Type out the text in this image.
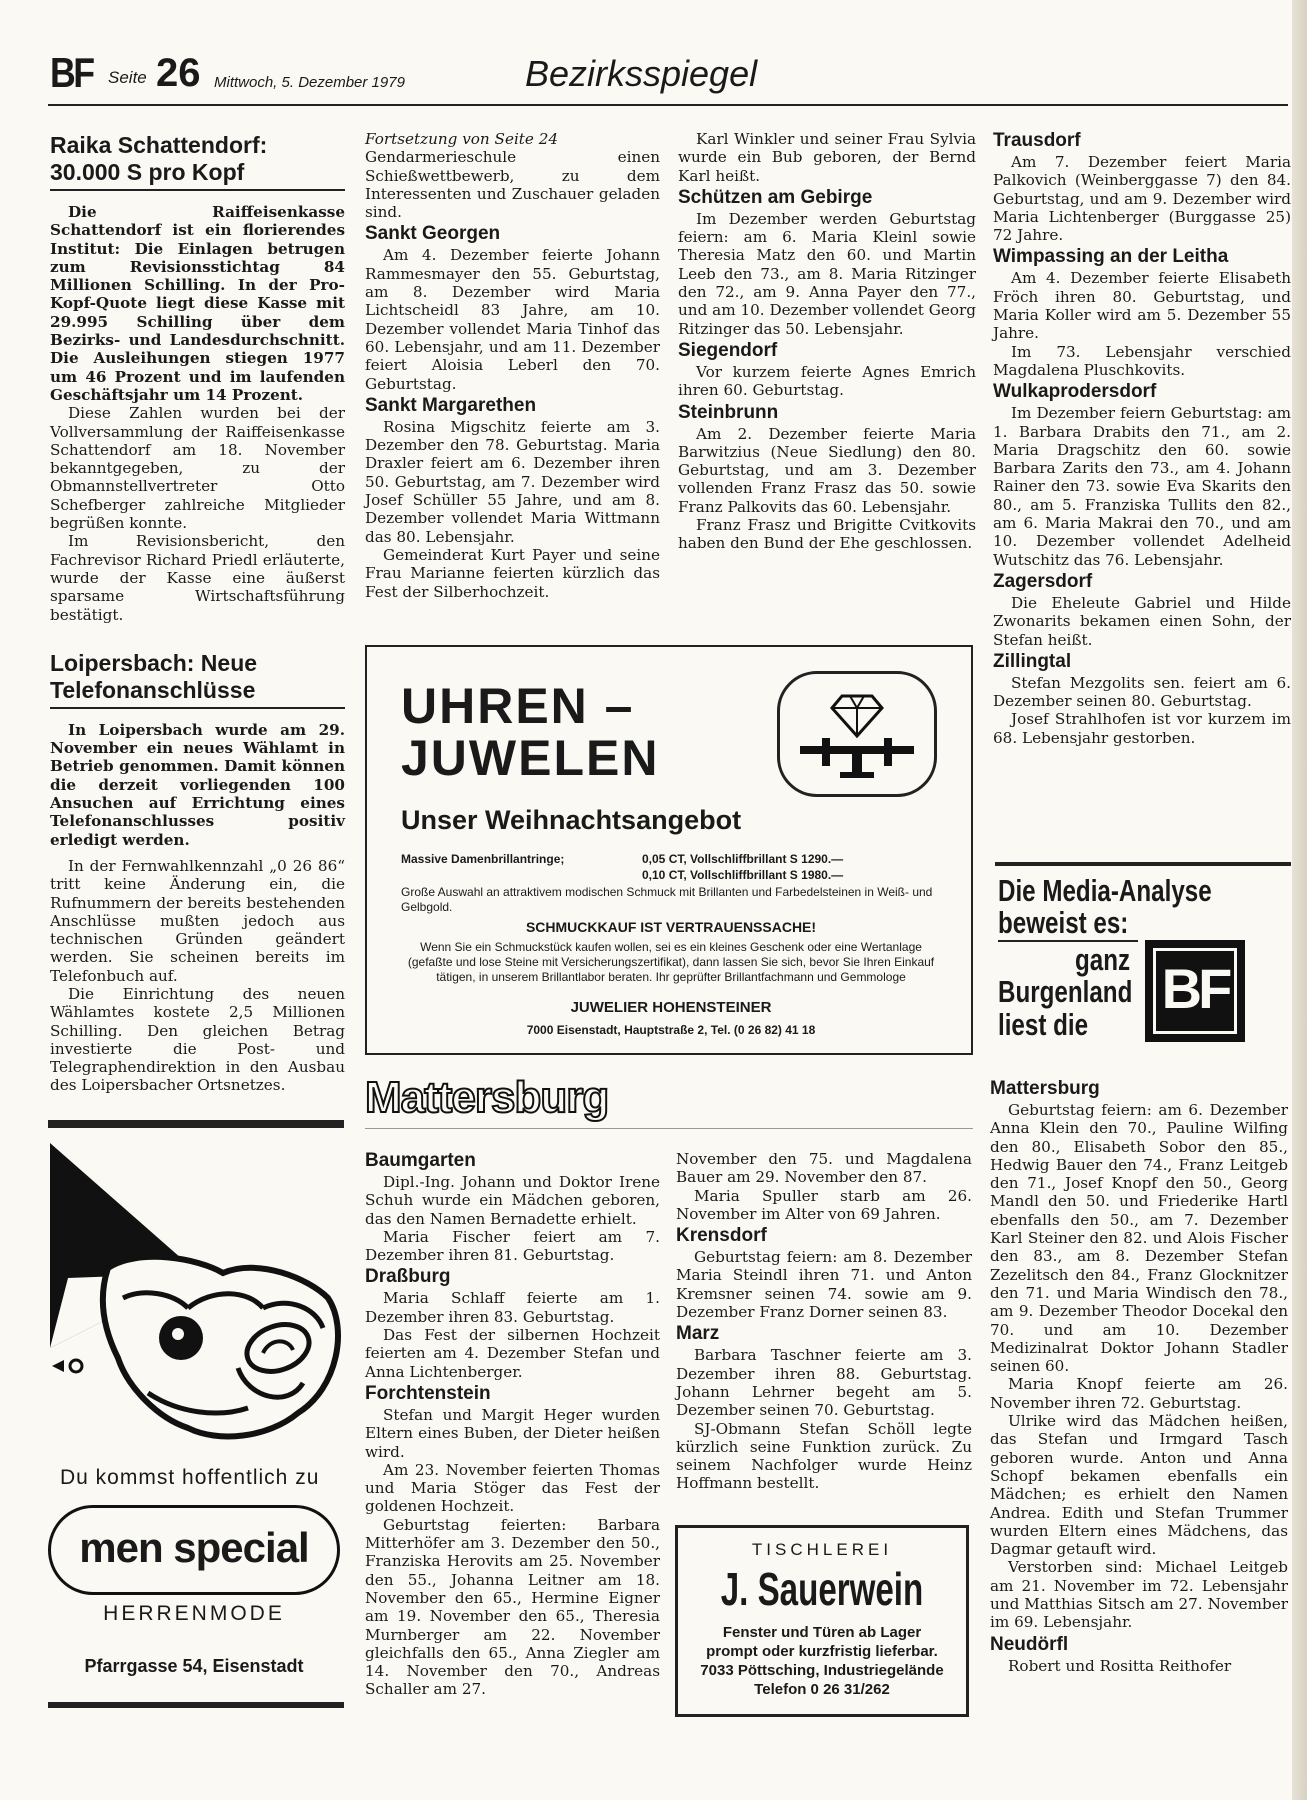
BF Seite 26 Mittwoch, 5. Dezember 1979	Bezirksspiegel
Raika Schattendorf:
30.000 S pro Kopf

Die Raiffeisenkasse Schattendorf ist ein florierendes Institut: Die Einlagen betrugen zum Revisionsstichtag 84 Millionen Schilling. In der Pro-Kopf-Quote liegt diese Kasse mit 29.995 Schilling über dem Bezirks- und Landesdurchschnitt. Die Ausleihungen stiegen 1977 um 46 Prozent und im laufenden Geschäftsjahr um 14 Prozent.

Diese Zahlen wurden bei der Vollversammlung der Raiffeisenkasse Schattendorf am 18. November bekanntgegeben, zu der Obmannstellvertreter Otto Schefberger zahlreiche Mitglieder begrüßen konnte.

Im Revisionsbericht, den Fachrevisor Richard Priedl erläuterte, wurde der Kasse eine äußerst sparsame Wirtschaftsführung bestätigt.

Loipersbach: Neue
Telefonanschlüsse

In Loipersbach wurde am 29. November ein neues Wählamt in Betrieb genommen. Damit können die derzeit vorliegenden 100 Ansuchen auf Errichtung eines Telefonanschlusses positiv erledigt werden.

In der Fernwahlkennzahl „0 26 86“ tritt keine Änderung ein, die Rufnummern der bereits bestehenden Anschlüsse mußten jedoch aus technischen Gründen geändert werden. Sie scheinen bereits im Telefonbuch auf.

Die Einrichtung des neuen Wählamtes kostete 2,5 Millionen Schilling. Den gleichen Betrag investierte die Post- und Telegraphendirektion in den Ausbau des Loipersbacher Ortsnetzes.

Fortsetzung von Seite 24

Gendarmerieschule einen Schießwettbewerb, zu dem Interessenten und Zuschauer geladen sind.

Sankt Georgen

Am 4. Dezember feierte Johann Rammesmayer den 55. Geburtstag, am 8. Dezember wird Maria Lichtscheidl 83 Jahre, am 10. Dezember vollendet Maria Tinhof das 60. Lebensjahr, und am 11. Dezember feiert Aloisia Leberl den 70. Geburtstag.

Sankt Margarethen

Rosina Migschitz feierte am 3. Dezember den 78. Geburtstag. Maria Draxler feiert am 6. Dezember ihren 50. Geburtstag, am 7. Dezember wird Josef Schüller 55 Jahre, und am 8. Dezember vollendet Maria Wittmann das 80. Lebensjahr.

Gemeinderat Kurt Payer und seine Frau Marianne feierten kürzlich das Fest der Silberhochzeit.

Karl Winkler und seiner Frau Sylvia wurde ein Bub geboren, der Bernd Karl heißt.

Schützen am Gebirge

Im Dezember werden Geburtstag feiern: am 6. Maria Kleinl sowie Theresia Matz den 60. und Martin Leeb den 73., am 8. Maria Ritzinger den 72., am 9. Anna Payer den 77., und am 10. Dezember vollendet Georg Ritzinger das 50. Lebensjahr.

Siegendorf

Vor kurzem feierte Agnes Emrich ihren 60. Geburtstag.

Steinbrunn

Am 2. Dezember feierte Maria Barwitzius (Neue Siedlung) den 80. Geburtstag, und am 3. Dezember vollenden Franz Frasz das 50. sowie Franz Palkovits das 60. Lebensjahr.

Franz Frasz und Brigitte Cvitkovits haben den Bund der Ehe geschlossen.

Trausdorf

Am 7. Dezember feiert Maria Palkovich (Weinberggasse 7) den 84. Geburtstag, und am 9. Dezember wird Maria Lichtenberger (Burggasse 25) 72 Jahre.

Wimpassing an der Leitha

Am 4. Dezember feierte Elisabeth Fröch ihren 80. Geburtstag, und Maria Koller wird am 5. Dezember 55 Jahre.

Im 73. Lebensjahr verschied Magdalena Pluschkovits.

Wulkaprodersdorf

Im Dezember feiern Geburtstag: am 1. Barbara Drabits den 71., am 2. Maria Dragschitz den 60. sowie Barbara Zarits den 73., am 4. Johann Rainer den 73. sowie Eva Skarits den 80., am 5. Franziska Tullits den 82., am 6. Maria Makrai den 70., und am 10. Dezember vollendet Adelheid Wutschitz das 76. Lebensjahr.

Zagersdorf

Die Eheleute Gabriel und Hilde Zwonarits bekamen einen Sohn, der Stefan heißt.

Zillingtal

Stefan Mezgolits sen. feiert am 6. Dezember seinen 80. Geburtstag.

Josef Strahlhofen ist vor kurzem im 68. Lebensjahr gestorben.

UHREN –
JUWELEN
Unser Weihnachtsangebot
Massive Damenbrillantringe;	0,05 CT, Vollschliffbrillant S 1290.—
0,10 CT, Vollschliffbrillant S 1980.—
Große Auswahl an attraktivem modischen Schmuck mit Brillanten und Farbedelsteinen in Weiß- und Gelbgold.
SCHMUCKKAUF IST VERTRAUENSSACHE!
Wenn Sie ein Schmuckstück kaufen wollen, sei es ein kleines Geschenk oder eine Wertanlage (gefaßte und lose Steine mit Versicherungszertifikat), dann lassen Sie sich, bevor Sie Ihren Einkauf tätigen, in unserem Brillantlabor beraten. Ihr geprüfter Brillantfachmann und Gemmologe
JUWELIER HOHENSTEINER
7000 Eisenstadt, Hauptstraße 2, Tel. (0 26 82) 41 18
Die Media-Analyse
beweist es:
ganz
Burgenland
liest die
BF
Mattersburg
Du kommst hoffentlich zu
men special
HERRENMODE
Pfarrgasse 54, Eisenstadt
Baumgarten

Dipl.-Ing. Johann und Doktor Irene Schuh wurde ein Mädchen geboren, das den Namen Bernadette erhielt.

Maria Fischer feiert am 7. Dezember ihren 81. Geburtstag.

Draßburg

Maria Schlaff feierte am 1. Dezember ihren 83. Geburtstag.

Das Fest der silbernen Hochzeit feierten am 4. Dezember Stefan und Anna Lichtenberger.

Forchtenstein

Stefan und Margit Heger wurden Eltern eines Buben, der Dieter heißen wird.

Am 23. November feierten Thomas und Maria Stöger das Fest der goldenen Hochzeit.

Geburtstag feierten: Barbara Mitterhöfer am 3. Dezember den 50., Franziska Herovits am 25. November den 55., Johanna Leitner am 18. November den 65., Hermine Eigner am 19. November den 65., Theresia Murnberger am 22. November gleichfalls den 65., Anna Ziegler am 14. November den 70., Andreas Schaller am 27.

November den 75. und Magdalena Bauer am 29. November den 87.

Maria Spuller starb am 26. November im Alter von 69 Jahren.

Krensdorf

Geburtstag feiern: am 8. Dezember Maria Steindl ihren 71. und Anton Kremsner seinen 74. sowie am 9. Dezember Franz Dorner seinen 83.

Marz

Barbara Taschner feierte am 3. Dezember ihren 88. Geburtstag. Johann Lehrner begeht am 5. Dezember seinen 70. Geburtstag.

SJ-Obmann Stefan Schöll legte kürzlich seine Funktion zurück. Zu seinem Nachfolger wurde Heinz Hoffmann bestellt.

TISCHLEREI
J. Sauerwein
Fenster und Türen ab Lager
prompt oder kurzfristig lieferbar.
7033 Pöttsching, Industriegelände
Telefon 0 26 31/262
Mattersburg

Geburtstag feiern: am 6. Dezember Anna Klein den 70., Pauline Wilfing den 80., Elisabeth Sobor den 85., Hedwig Bauer den 74., Franz Leitgeb den 71., Josef Knopf den 50., Georg Mandl den 50. und Friederike Hartl ebenfalls den 50., am 7. Dezember Karl Steiner den 82. und Alois Fischer den 83., am 8. Dezember Stefan Zezelitsch den 84., Franz Glocknitzer den 71. und Maria Windisch den 78., am 9. Dezember Theodor Docekal den 70. und am 10. Dezember Medizinalrat Doktor Johann Stadler seinen 60.

Maria Knopf feierte am 26. November ihren 72. Geburtstag.

Ulrike wird das Mädchen heißen, das Stefan und Irmgard Tasch geboren wurde. Anton und Anna Schopf bekamen ebenfalls ein Mädchen; es erhielt den Namen Andrea. Edith und Stefan Trummer wurden Eltern eines Mädchens, das Dagmar getauft wird.

Verstorben sind: Michael Leitgeb am 21. November im 72. Lebensjahr und Matthias Sitsch am 27. November im 69. Lebensjahr.

Neudörfl

Robert und Rositta Reithofer
